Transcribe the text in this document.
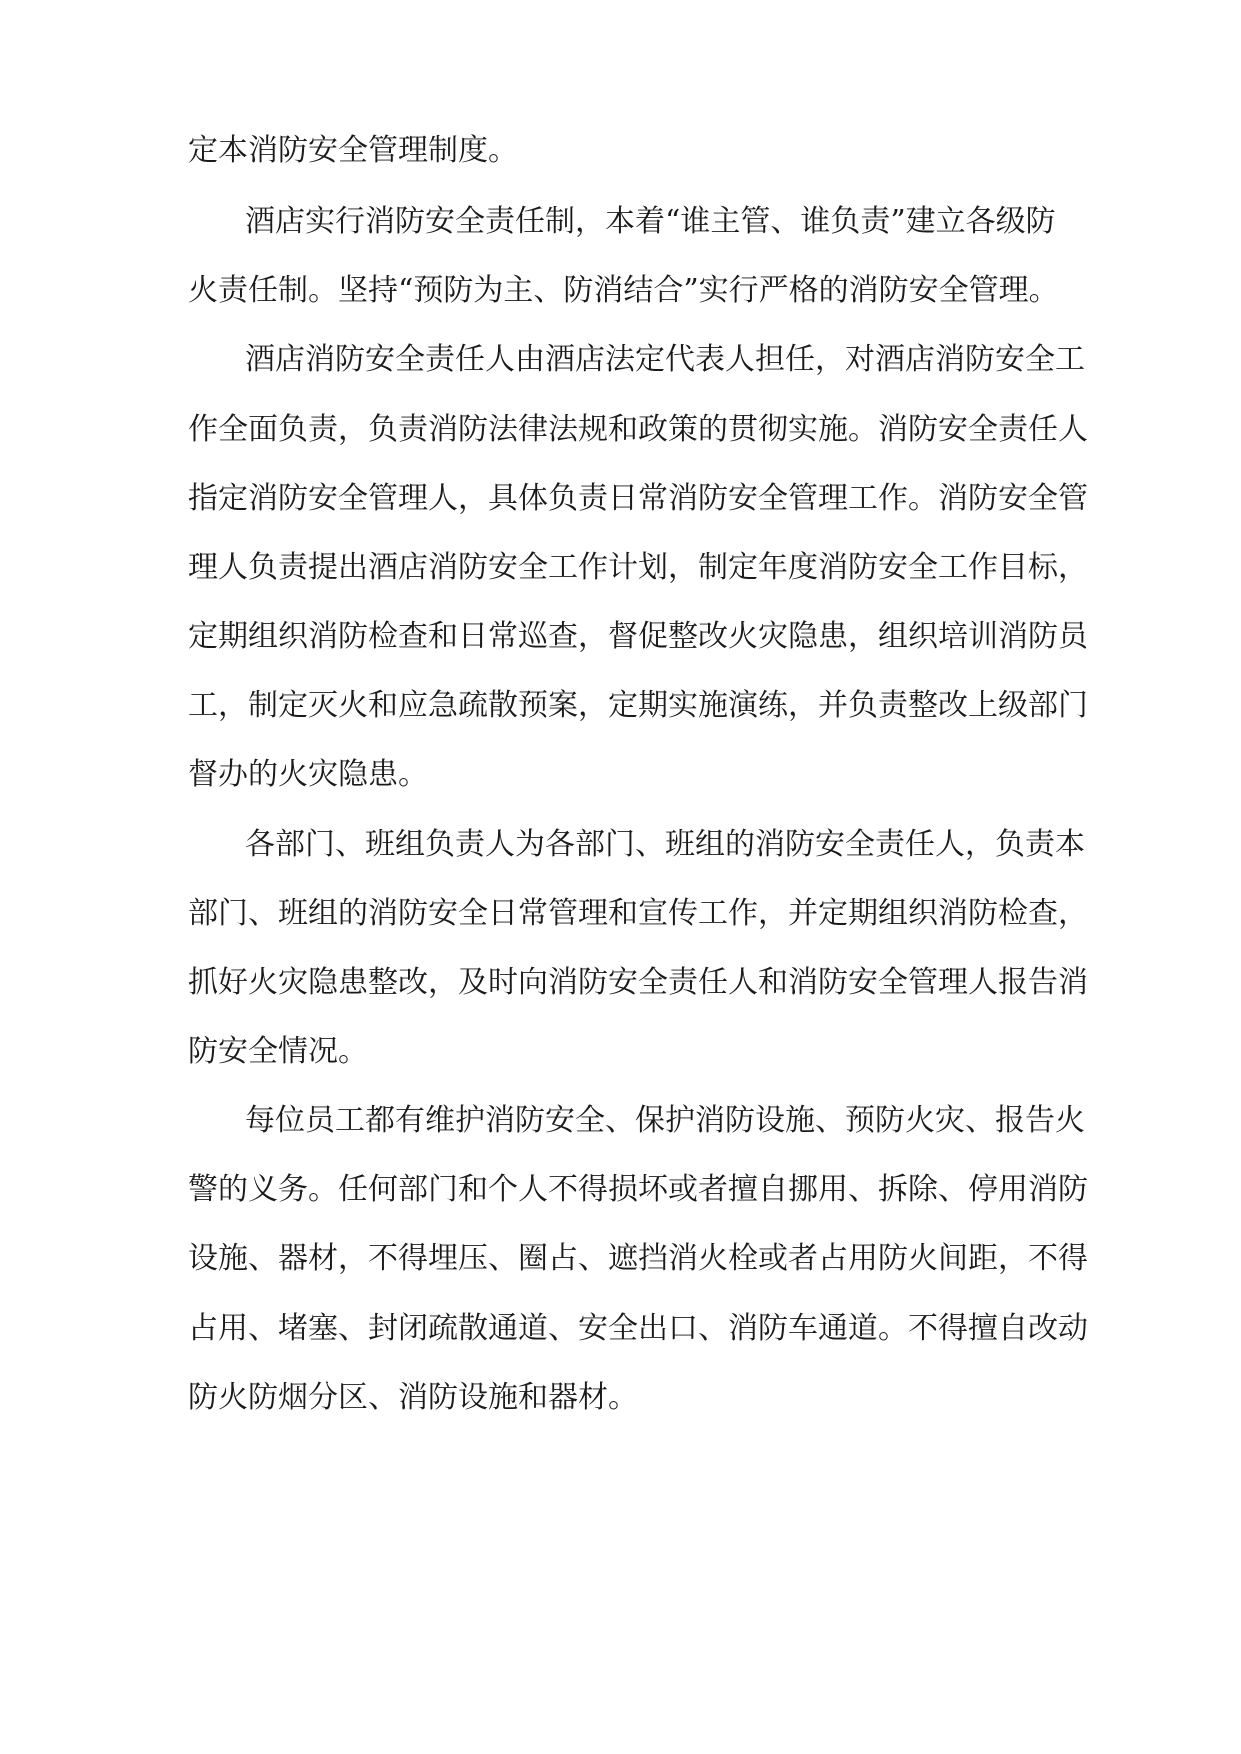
定本消防安全管理制度。
酒店实行消防安全责任制，本着“谁主管、谁负责”建立各级防
火责任制。坚持“预防为主、防消结合”实行严格的消防安全管理。
酒店消防安全责任人由酒店法定代表人担任，对酒店消防安全工
作全面负责，负责消防法律法规和政策的贯彻实施。消防安全责任人
指定消防安全管理人，具体负责日常消防安全管理工作。消防安全管
理人负责提出酒店消防安全工作计划，制定年度消防安全工作目标，
定期组织消防检查和日常巡查，督促整改火灾隐患，组织培训消防员
工，制定灭火和应急疏散预案，定期实施演练，并负责整改上级部门
督办的火灾隐患。
各部门、班组负责人为各部门、班组的消防安全责任人，负责本
部门、班组的消防安全日常管理和宣传工作，并定期组织消防检查，
抓好火灾隐患整改，及时向消防安全责任人和消防安全管理人报告消
防安全情况。
每位员工都有维护消防安全、保护消防设施、预防火灾、报告火
警的义务。任何部门和个人不得损坏或者擅自挪用、拆除、停用消防
设施、器材，不得埋压、圈占、遮挡消火栓或者占用防火间距，不得
占用、堵塞、封闭疏散通道、安全出口、消防车通道。不得擅自改动
防火防烟分区、消防设施和器材。
